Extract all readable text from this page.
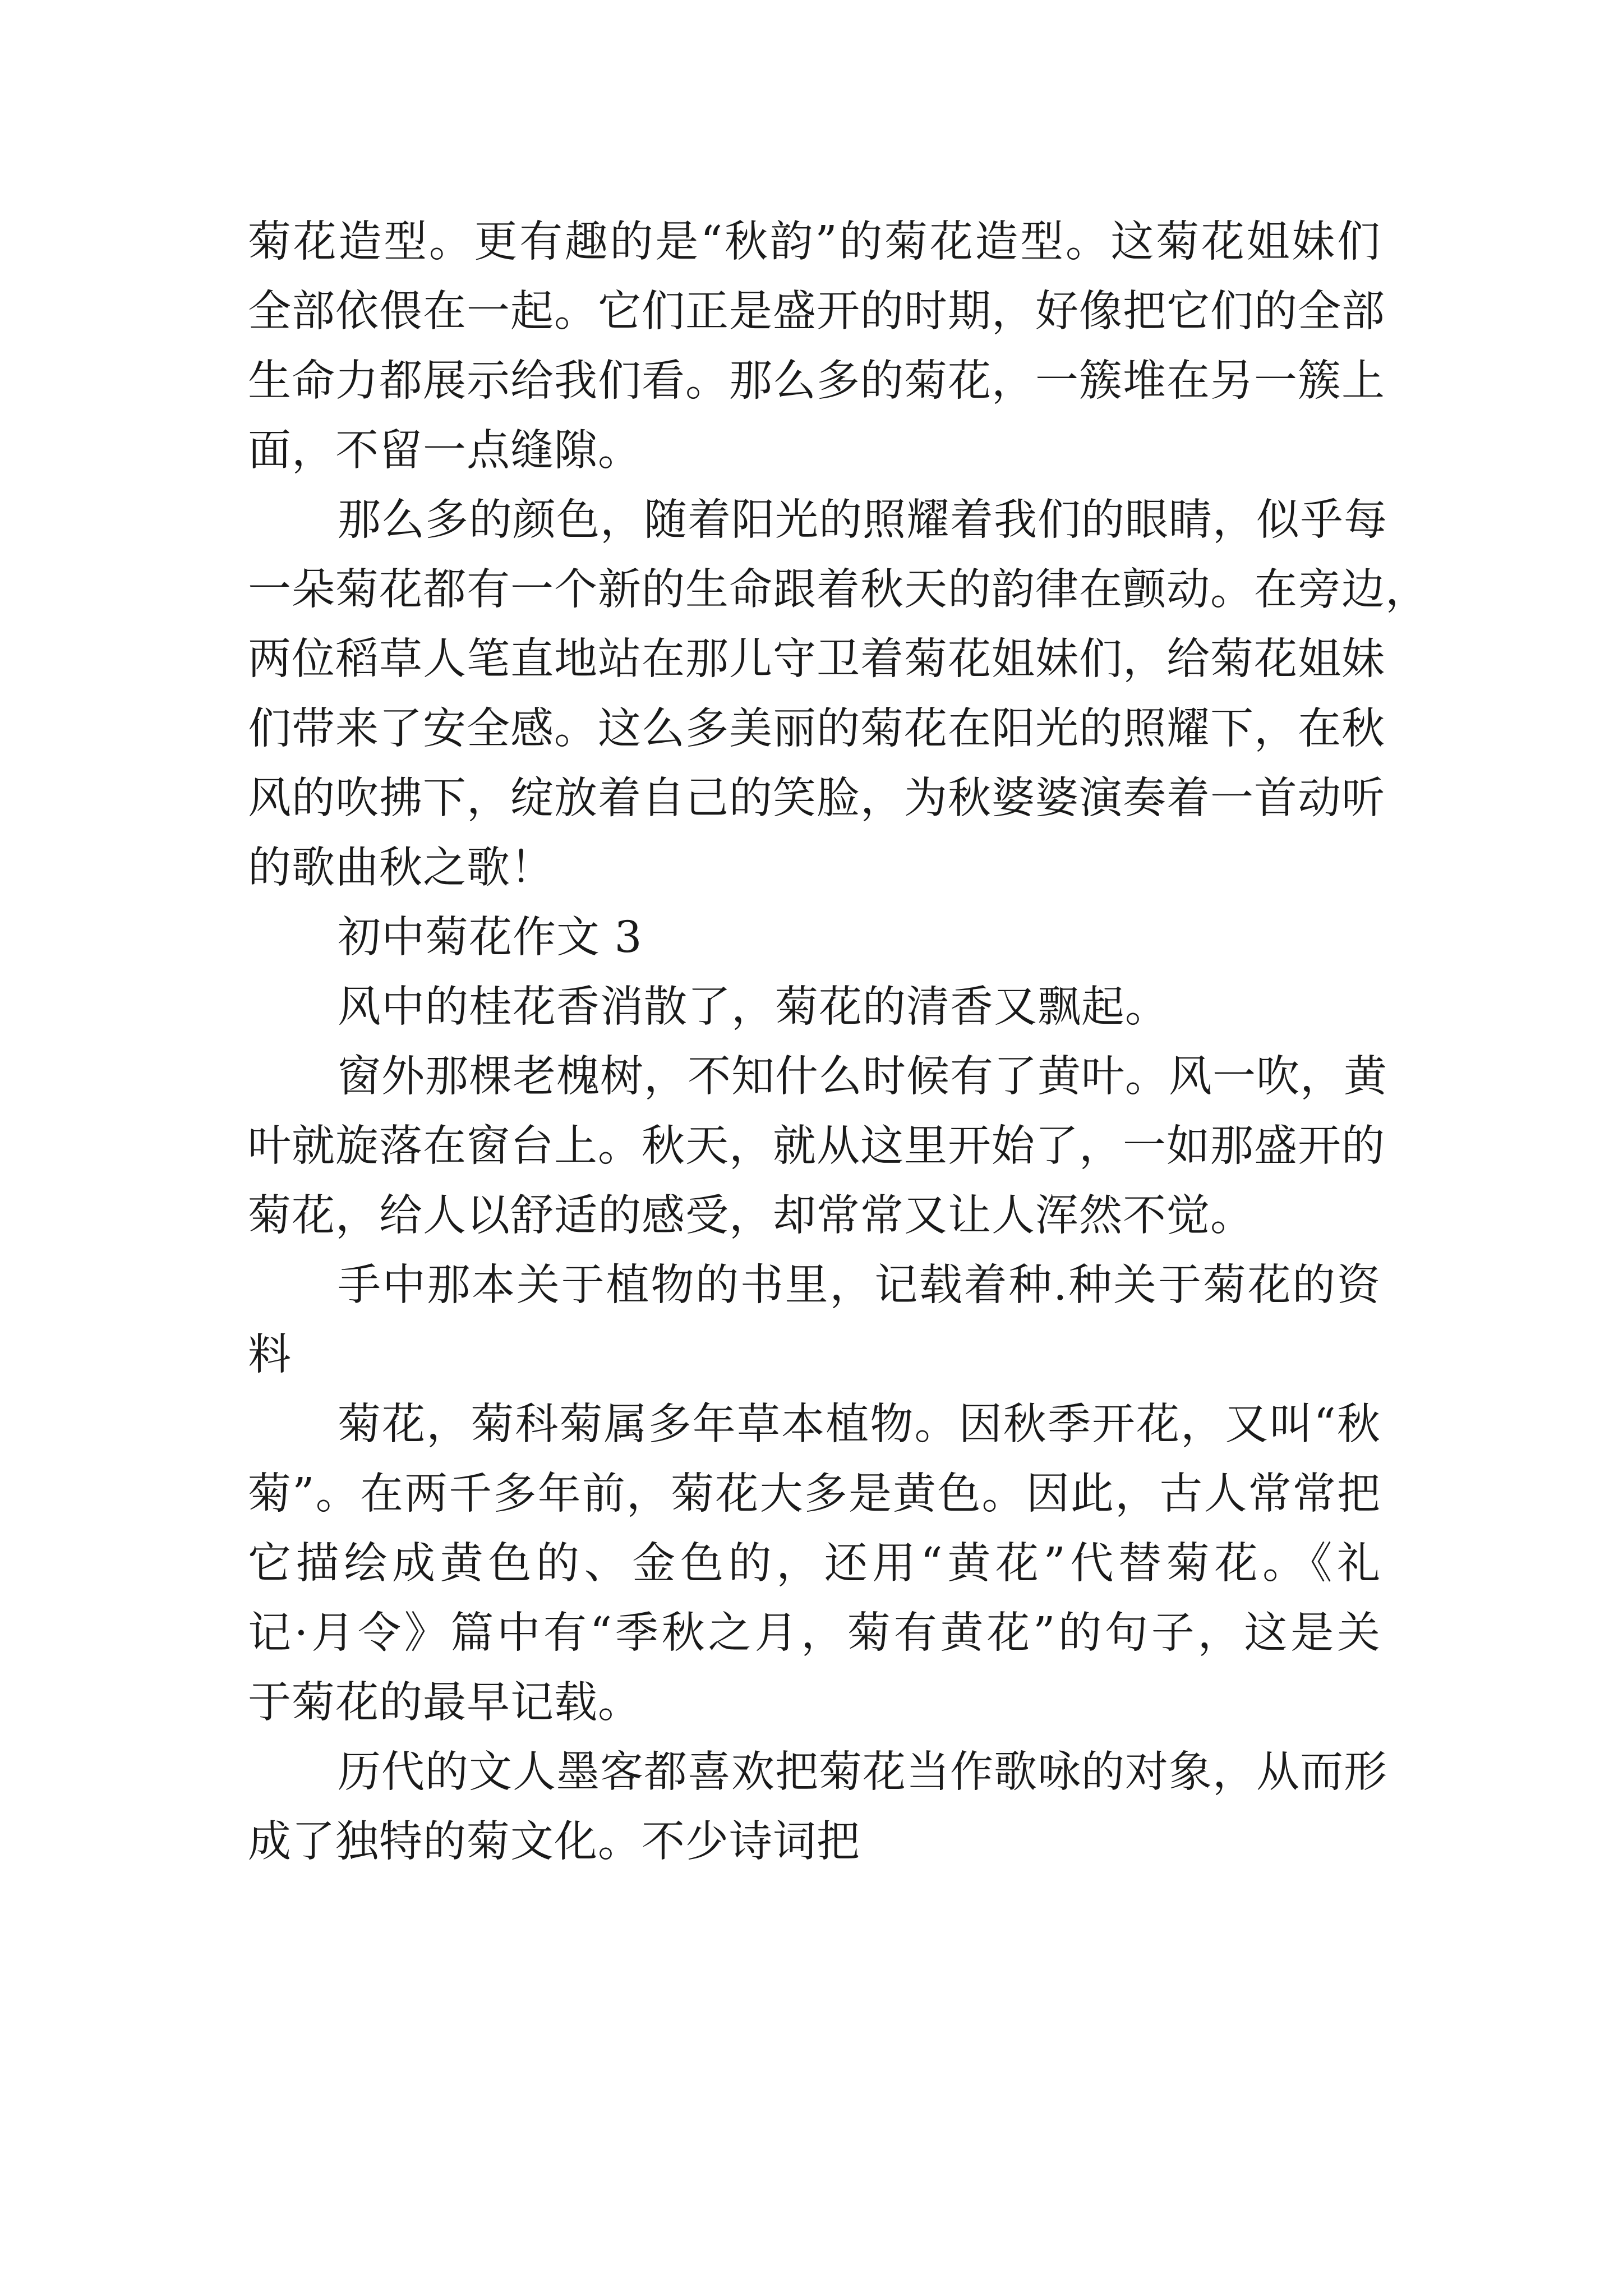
菊花造型。更有趣的是“秋韵”的菊花造型。这菊花姐妹们
全部依偎在一起。它们正是盛开的时期，好像把它们的全部
生命力都展示给我们看。那么多的菊花，一簇堆在另一簇上
面，不留一点缝隙。
那么多的颜色，随着阳光的照耀着我们的眼睛，似乎每
一朵菊花都有一个新的生命跟着秋天的韵律在颤动。在旁边，
两位稻草人笔直地站在那儿守卫着菊花姐妹们，给菊花姐妹
们带来了安全感。这么多美丽的菊花在阳光的照耀下，在秋
风的吹拂下，绽放着自己的笑脸，为秋婆婆演奏着一首动听
的歌曲秋之歌！
初中菊花作文 3
风中的桂花香消散了，菊花的清香又飘起。
窗外那棵老槐树，不知什么时候有了黄叶。风一吹，黄
叶就旋落在窗台上。秋天，就从这里开始了，一如那盛开的
菊花，给人以舒适的感受，却常常又让人浑然不觉。
手中那本关于植物的书里，记载着种.种关于菊花的资
料
菊花，菊科菊属多年草本植物。因秋季开花，又叫“秋
菊”。在两千多年前，菊花大多是黄色。因此，古人常常把
它描绘成黄色的、金色的，还用“黄花”代替菊花。《礼
记·月令》篇中有“季秋之月，菊有黄花”的句子，这是关
于菊花的最早记载。
历代的文人墨客都喜欢把菊花当作歌咏的对象，从而形
成了独特的菊文化。不少诗词把
